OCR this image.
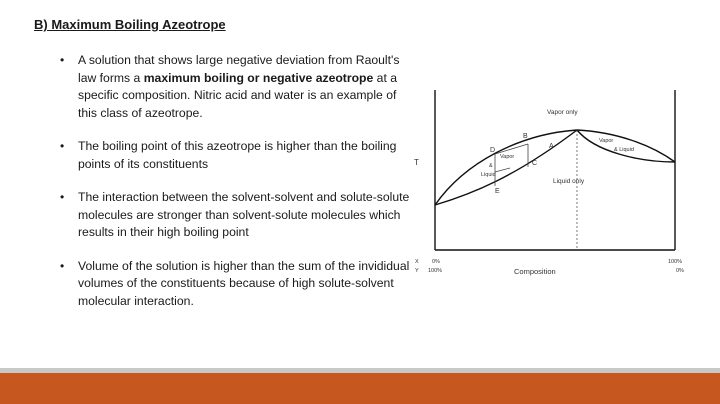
B) Maximum Boiling Azeotrope
• A solution that shows large negative deviation from Raoult's law forms a maximum boiling or negative azeotrope at a specific composition. Nitric acid and water is an example of this class of azeotrope.
• The boiling point of this azeotrope is higher than the boiling points of its constituents
• The interaction between the solvent-solvent and solute-solute molecules are stronger than solvent-solute molecules which results in their high boiling point
• Volume of the solution is higher than the sum of the invididual volumes of the constituents because of high solute-solvent molecular interaction.
Vapor only
Liquid only
Vapor
&
Liquid
Vapor
& Liquid
A
B
C
D
E
T
Composition
X 0%
Y 100%
100%
0%
